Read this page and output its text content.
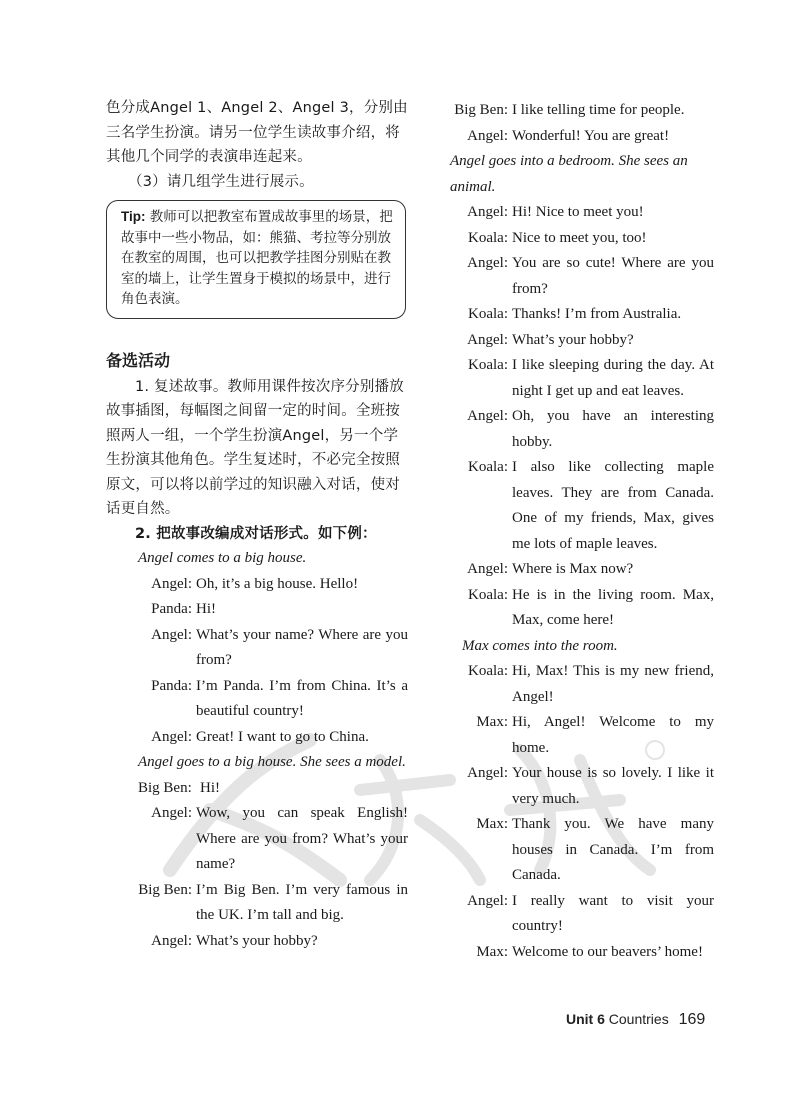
色分成Angel 1、Angel 2、Angel 3，分别由三名学生扮演。请另一位学生读故事介绍，将其他几个同学的表演串连起来。

（3）请几组学生进行展示。

Tip: 教师可以把教室布置成故事里的场景，把故事中一些小物品，如：熊猫、考拉等分别放在教室的周围，也可以把教学挂图分别贴在教室的墙上，让学生置身于模拟的场景中，进行角色表演。
备选活动

1. 复述故事。教师用课件按次序分别播放故事插图，每幅图之间留一定的时间。全班按照两人一组，一个学生扮演Angel，另一个学生扮演其他角色。学生复述时，不必完全按照原文，可以将以前学过的知识融入对话，使对话更自然。

2. 把故事改编成对话形式。如下例：

Angel comes to a big house.

Angel: Oh, it’s a big house. Hello!
Panda: Hi!
Angel: What’s your name? Where are you from?
Panda: I’m Panda. I’m from China. It’s a beautiful country!
Angel: Great! I want to go to China.

Angel goes to a big house. She sees a model.

Big Ben: Hi!
Angel: Wow, you can speak English! Where are you from? What’s your name?
Big Ben: I’m Big Ben. I’m very famous in the UK. I’m tall and big.
Angel: What’s your hobby?
Big Ben: I like telling time for people.
Angel: Wonderful! You are great!

Angel goes into a bedroom. She sees an animal.

Angel: Hi! Nice to meet you!
Koala: Nice to meet you, too!
Angel: You are so cute! Where are you from?
Koala: Thanks! I’m from Australia.
Angel: What’s your hobby?
Koala: I like sleeping during the day. At night I get up and eat leaves.
Angel: Oh, you have an interesting hobby.
Koala: I also like collecting maple leaves. They are from Canada. One of my friends, Max, gives me lots of maple leaves.
Angel: Where is Max now?
Koala: He is in the living room. Max, Max, come here!

Max comes into the room.

Koala: Hi, Max! This is my new friend, Angel!
Max: Hi, Angel! Welcome to my home.
Angel: Your house is so lovely. I like it very much.
Max: Thank you. We have many houses in Canada. I’m from Canada.
Angel: I really want to visit your country!
Max: Welcome to our beavers’ home!
Unit 6 Countries 169
